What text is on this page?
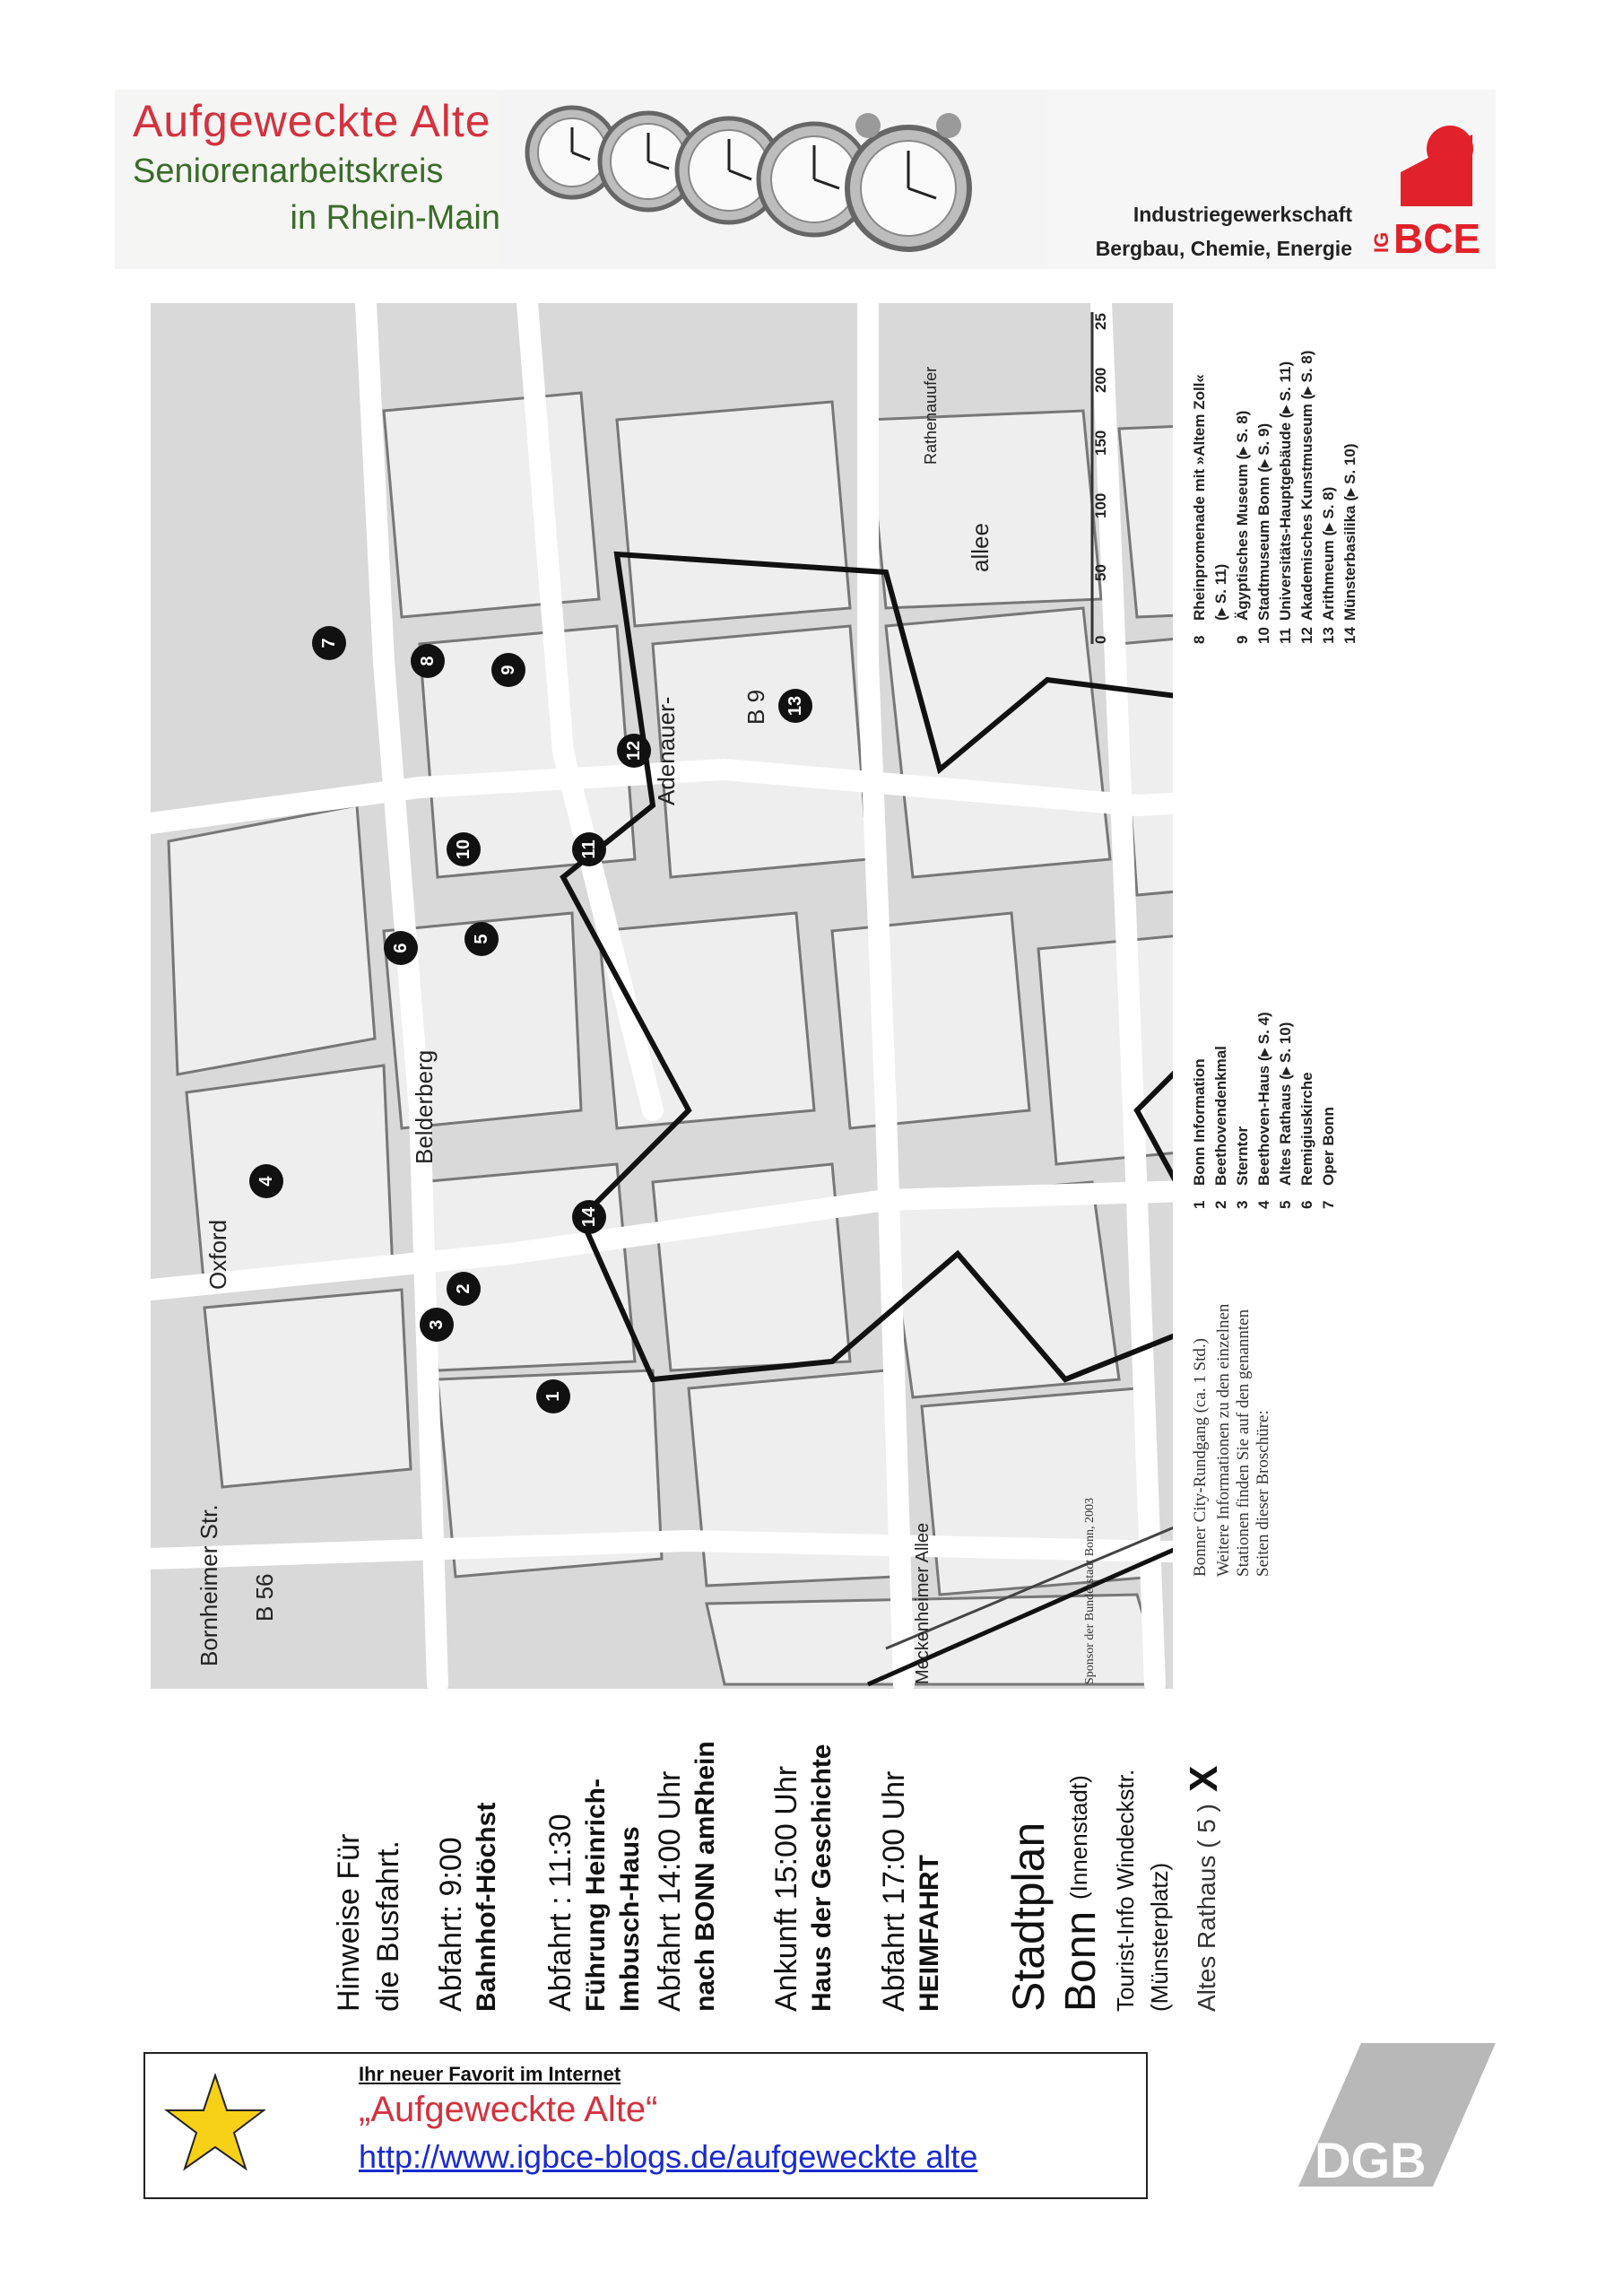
Aufgeweckte Alte
Seniorenarbeitskreis
in Rhein-Main	Industriegewerkschaft
Bergbau, Chemie, Energie IG BCE
Belderberg
Adenauer-
allee
B 9
B 56
Bornheimer Str.
Oxford
Rathenauufer
Meckenheimer Allee
25
200
150
100
50
0
1
2
3
4
5
6
7
8
9
10	11
12
13
14
Bonner City-Rundgang (ca. 1 Std.) Weitere Informationen zu den einzelnen Stationen finden Sie auf den genannten Seiten dieser Broschüre:
Sponsor der Bundesstadt Bonn, 2003
1
Bonn Information
2
Beethovendenkmal
3
Sterntor
4
Beethoven-Haus (▸ S. 4)
5
Altes Rathaus (▸ S. 10)
6
Remigiuskirche
7
Oper Bonn
8
Rheinpromenade mit »Altem Zoll« (▸ S. 11)
9
Ägyptisches Museum (▸ S. 8)
10
Stadtmuseum Bonn (▸ S. 9)
11
Universitäts-Hauptgebäude (▸ S. 11)
12
Akademisches Kunstmuseum (▸ S. 8)
13
Arithmeum (▸ S. 8)
14
Münsterbasilika (▸ S. 10)
Hinweise Für die Busfahrt. Abfahrt: 9:00 Bahnhof-Höchst Abfahrt : 11:30 Führung Heinrich- Imbusch-Haus Abfahrt 14:00 Uhr nach BONN amRhein Ankunft 15:00 Uhr Haus der Geschichte Abfahrt 17:00 Uhr HEIMFAHRT Stadtplan Bonn
(Innenstadt) Tourist-Info Windeckstr. (Münsterplatz) Altes Rathaus ( 5 )
X
Ihr neuer Favorit im Internet
„Aufgeweckte Alte“
http://www.igbce-blogs.de/aufgeweckte alte	DGB
